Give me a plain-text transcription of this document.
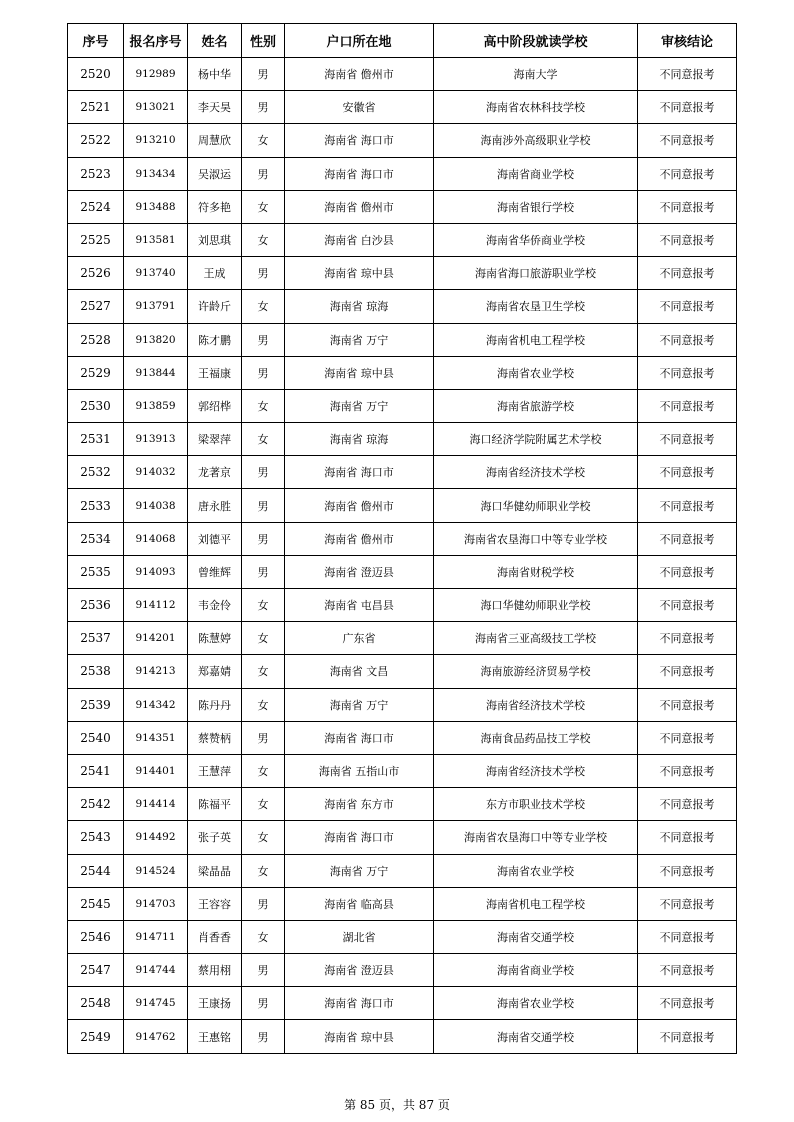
序号	报名序号	姓名	性别	户口所在地	高中阶段就读学校	审核结论
2520	912989	杨中华	男	海南省 儋州市	海南大学	不同意报考
2521	913021	李天昊	男	安徽省	海南省农林科技学校	不同意报考
2522	913210	周慧欣	女	海南省 海口市	海南涉外高级职业学校	不同意报考
2523	913434	吴淑运	男	海南省 海口市	海南省商业学校	不同意报考
2524	913488	符多艳	女	海南省 儋州市	海南省银行学校	不同意报考
2525	913581	刘思琪	女	海南省 白沙县	海南省华侨商业学校	不同意报考
2526	913740	王成	男	海南省 琼中县	海南省海口旅游职业学校	不同意报考
2527	913791	许龄斤	女	海南省 琼海	海南省农垦卫生学校	不同意报考
2528	913820	陈才鹏	男	海南省 万宁	海南省机电工程学校	不同意报考
2529	913844	王福康	男	海南省 琼中县	海南省农业学校	不同意报考
2530	913859	郭绍桦	女	海南省 万宁	海南省旅游学校	不同意报考
2531	913913	梁翠萍	女	海南省 琼海	海口经济学院附属艺术学校	不同意报考
2532	914032	龙著京	男	海南省 海口市	海南省经济技术学校	不同意报考
2533	914038	唐永胜	男	海南省 儋州市	海口华健幼师职业学校	不同意报考
2534	914068	刘德平	男	海南省 儋州市	海南省农垦海口中等专业学校	不同意报考
2535	914093	曾维辉	男	海南省 澄迈县	海南省财税学校	不同意报考
2536	914112	韦金伶	女	海南省 屯昌县	海口华健幼师职业学校	不同意报考
2537	914201	陈慧婷	女	广东省	海南省三亚高级技工学校	不同意报考
2538	914213	郑嘉婧	女	海南省 文昌	海南旅游经济贸易学校	不同意报考
2539	914342	陈丹丹	女	海南省 万宁	海南省经济技术学校	不同意报考
2540	914351	蔡赞柄	男	海南省 海口市	海南食品药品技工学校	不同意报考
2541	914401	王慧萍	女	海南省 五指山市	海南省经济技术学校	不同意报考
2542	914414	陈福平	女	海南省 东方市	东方市职业技术学校	不同意报考
2543	914492	张子英	女	海南省 海口市	海南省农垦海口中等专业学校	不同意报考
2544	914524	梁晶晶	女	海南省 万宁	海南省农业学校	不同意报考
2545	914703	王容容	男	海南省 临高县	海南省机电工程学校	不同意报考
2546	914711	肖香香	女	湖北省	海南省交通学校	不同意报考
2547	914744	蔡用栩	男	海南省 澄迈县	海南省商业学校	不同意报考
2548	914745	王康扬	男	海南省 海口市	海南省农业学校	不同意报考
2549	914762	王惠铭	男	海南省 琼中县	海南省交通学校	不同意报考
第 85 页，共 87 页
